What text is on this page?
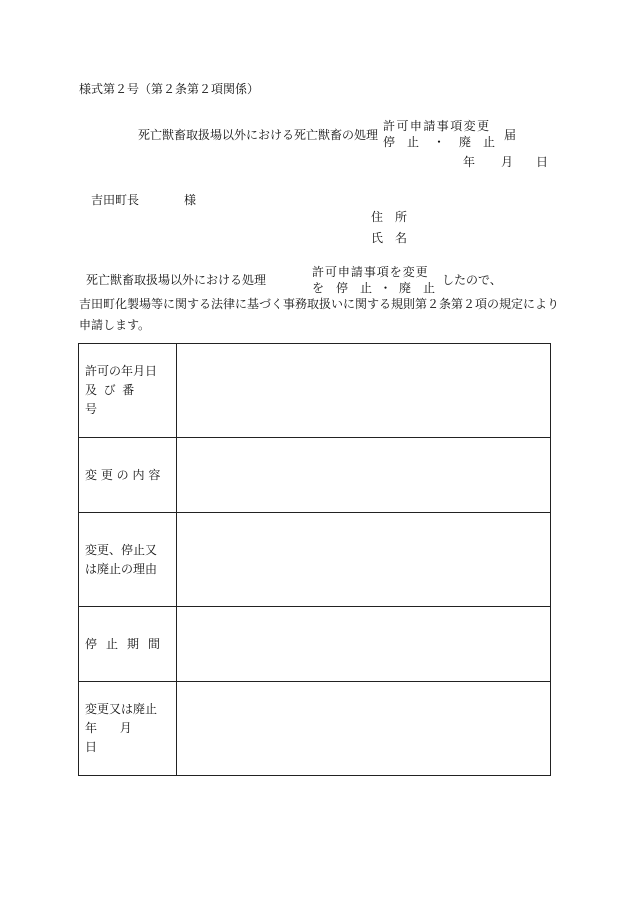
様式第２号（第２条第２項関係）
死亡獣畜取扱場以外における死亡獣畜の処理
許可申請事項変更
停　止 ・ 廃　止 届
年 月 日
吉田町長	様
住　所
氏　名
死亡獣畜取扱場以外における処理
許可申請事項を変更
を　停　止 ・ 廃　止
したので、
吉田町化製場等に関する法律に基づく事務取扱いに関する規則第２条第２項の規定により
申請します。
許可の年月日
及び番号	

変更の内容	

変更、停止又
は廃止の理由	

停止期間	

変更又は廃止
年月日	
